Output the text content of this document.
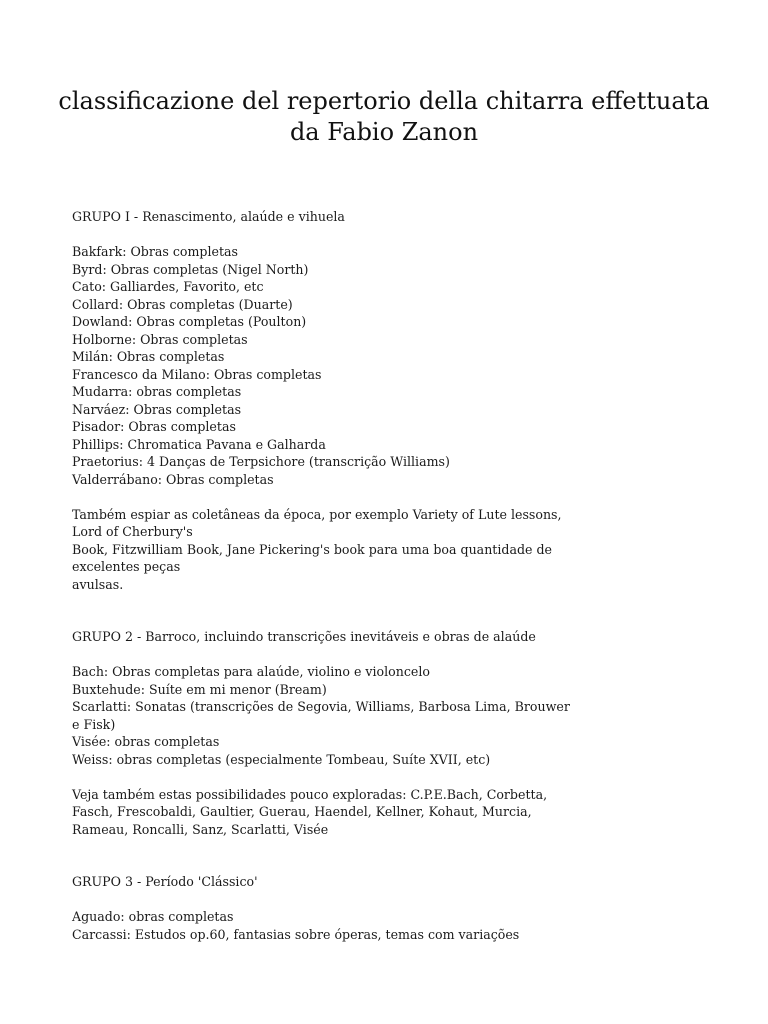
classificazione del repertorio della chitarra effettuata
da Fabio Zanon
GRUPO I - Renascimento, alaúde e vihuela
Bakfark: Obras completas
Byrd: Obras completas (Nigel North)
Cato: Galliardes, Favorito, etc
Collard: Obras completas (Duarte)
Dowland: Obras completas (Poulton)
Holborne: Obras completas
Milán: Obras completas
Francesco da Milano: Obras completas
Mudarra: obras completas
Narváez: Obras completas
Pisador: Obras completas
Phillips: Chromatica Pavana e Galharda
Praetorius: 4 Danças de Terpsichore (transcrição Williams)
Valderrábano: Obras completas
Também espiar as coletâneas da época, por exemplo Variety of Lute lessons,
Lord of Cherbury's
Book, Fitzwilliam Book, Jane Pickering's book para uma boa quantidade de
excelentes peças
avulsas.
GRUPO 2 - Barroco, incluindo transcrições inevitáveis e obras de alaúde
Bach: Obras completas para alaúde, violino e violoncelo
Buxtehude: Suíte em mi menor (Bream)
Scarlatti: Sonatas (transcrições de Segovia, Williams, Barbosa Lima, Brouwer
e Fisk)
Visée: obras completas
Weiss: obras completas (especialmente Tombeau, Suíte XVII, etc)
Veja também estas possibilidades pouco exploradas: C.P.E.Bach, Corbetta,
Fasch, Frescobaldi, Gaultier, Guerau, Haendel, Kellner, Kohaut, Murcia,
Rameau, Roncalli, Sanz, Scarlatti, Visée
GRUPO 3 - Período 'Clássico'
Aguado: obras completas
Carcassi: Estudos op.60, fantasias sobre óperas, temas com variações
